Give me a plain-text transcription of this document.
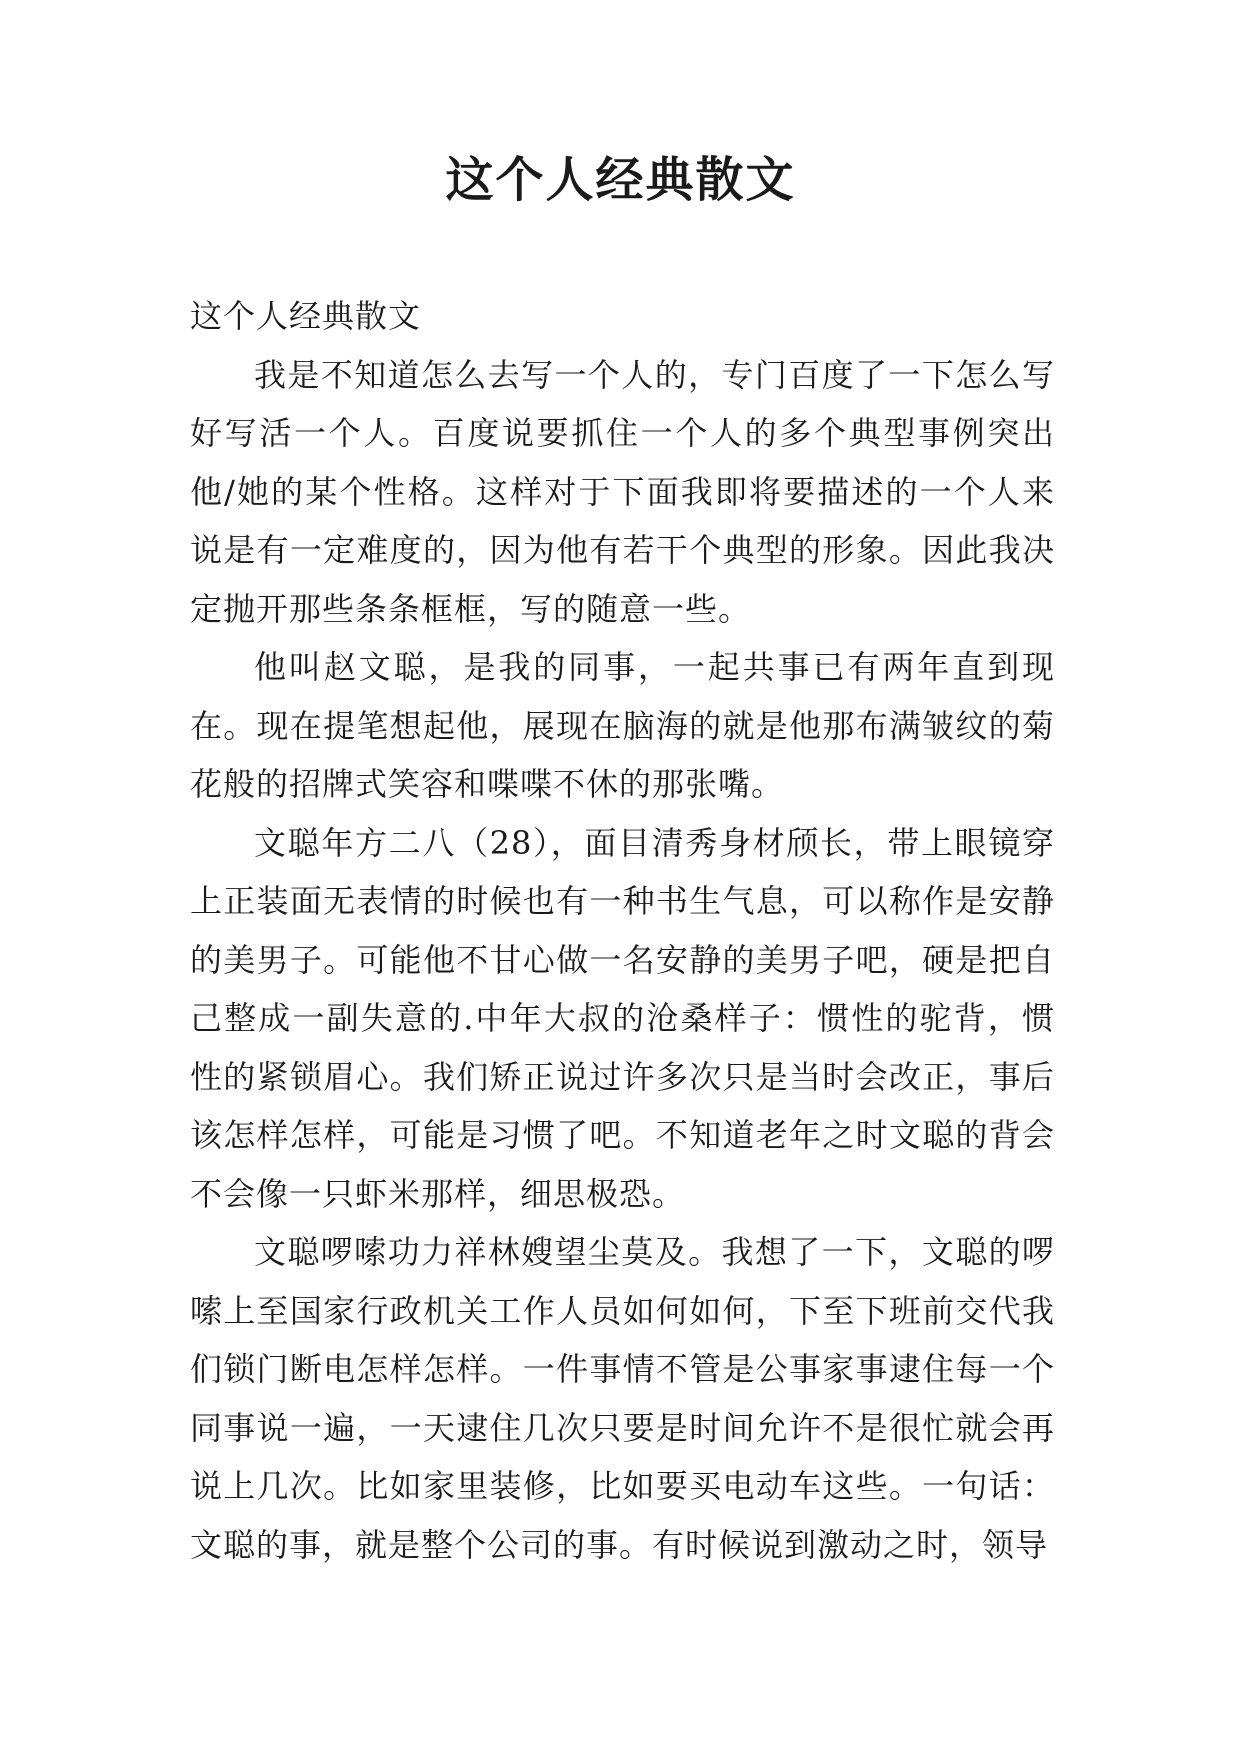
这个人经典散文

这个人经典散文

我是不知道怎么去写一个人的，专门百度了一下怎么写好写活一个人。百度说要抓住一个人的多个典型事例突出他/她的某个性格。这样对于下面我即将要描述的一个人来说是有一定难度的，因为他有若干个典型的形象。因此我决定抛开那些条条框框，写的随意一些。

他叫赵文聪，是我的同事，一起共事已有两年直到现在。现在提笔想起他，展现在脑海的就是他那布满皱纹的菊花般的招牌式笑容和喋喋不休的那张嘴。

文聪年方二八（28），面目清秀身材颀长，带上眼镜穿上正装面无表情的时候也有一种书生气息，可以称作是安静的美男子。可能他不甘心做一名安静的美男子吧，硬是把自己整成一副失意的.中年大叔的沧桑样子：惯性的驼背，惯性的紧锁眉心。我们矫正说过许多次只是当时会改正，事后该怎样怎样，可能是习惯了吧。不知道老年之时文聪的背会不会像一只虾米那样，细思极恐。

文聪啰嗦功力祥林嫂望尘莫及。我想了一下，文聪的啰嗦上至国家行政机关工作人员如何如何，下至下班前交代我们锁门断电怎样怎样。一件事情不管是公事家事逮住每一个同事说一遍，一天逮住几次只要是时间允许不是很忙就会再说上几次。比如家里装修，比如要买电动车这些。一句话：文聪的事，就是整个公司的事。有时候说到激动之时，领导
